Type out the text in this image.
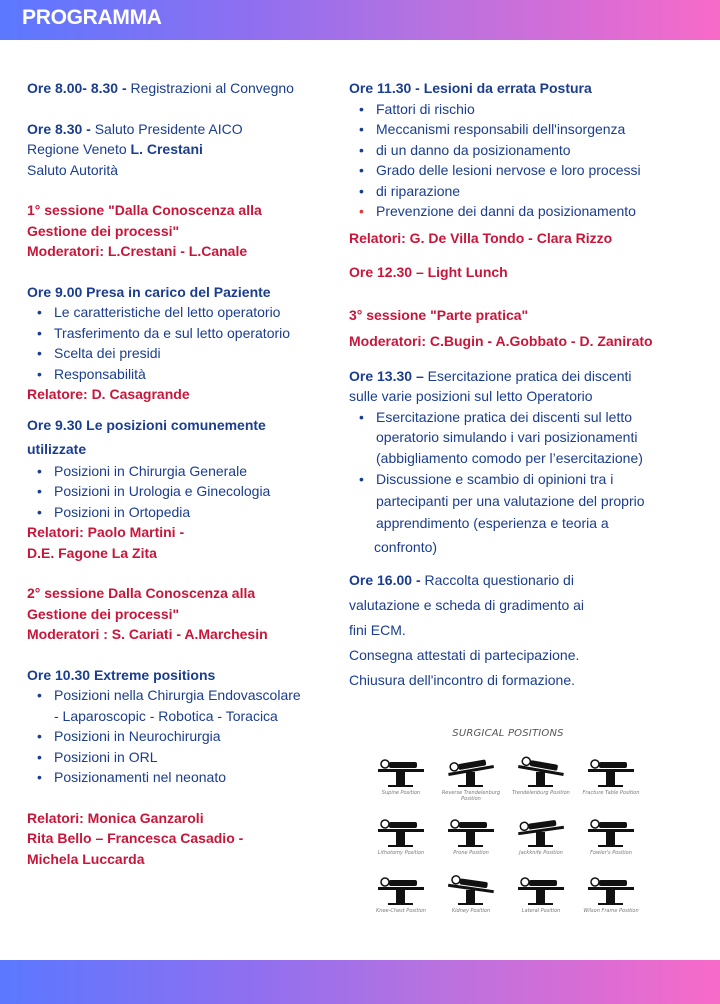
PROGRAMMA

Ore 8.00- 8.30 - Registrazioni al Convegno

Ore 8.30 - Saluto Presidente AICO

Regione Veneto L. Crestani

Saluto Autorità

1° sessione "Dalla Conoscenza alla

Gestione dei processi"

Moderatori: L.Crestani - L.Canale

Ore 9.00 Presa in carico del Paziente

• Le caratteristiche del letto operatorio
• Trasferimento da e sul letto operatorio
• Scelta dei presidi
• Responsabilità

Relatore: D. Casagrande

Ore 9.30 Le posizioni comunemente

utilizzate

• Posizioni in Chirurgia Generale
• Posizioni in Urologia e Ginecologia
• Posizioni in Ortopedia

Relatori: Paolo Martini -

D.E. Fagone La Zita

2° sessione Dalla Conoscenza alla

Gestione dei processi"

Moderatori : S. Cariati - A.Marchesin

Ore 10.30 Extreme positions

• Posizioni nella Chirurgia Endovascolare - Laparoscopic - Robotica - Toracica
• Posizioni in Neurochirurgia
• Posizioni in ORL
• Posizionamenti nel neonato

Relatori: Monica Ganzaroli

Rita Bello – Francesca Casadio -

Michela Luccarda

Ore 11.30 - Lesioni da errata Postura

• Fattori di rischio
• Meccanismi responsabili dell'insorgenza
• di un danno da posizionamento
• Grado delle lesioni nervose e loro processi
• di riparazione
• Prevenzione dei danni da posizionamento

Relatori: G. De Villa Tondo - Clara Rizzo

Ore 12.30 – Light Lunch

3° sessione "Parte pratica"

Moderatori: C.Bugin - A.Gobbato - D. Zanirato

Ore 13.30 – Esercitazione pratica dei discenti

sulle varie posizioni sul letto Operatorio

• Esercitazione pratica dei discenti sul letto operatorio simulando i vari posizionamenti (abbigliamento comodo per l’esercitazione)
• Discussione e scambio di opinioni tra i partecipanti per una valutazione del proprio apprendimento (esperienza e teoria a

confronto)

Ore 16.00 - Raccolta questionario di

valutazione e scheda di gradimento ai

fini ECM.

Consegna attestati di partecipazione.

Chiusura dell'incontro di formazione.

SURGICAL POSITIONS
Supine Position	Reverse Trendelenburg Position
Trendelenburg Position	Fracture Table Position
Lithotomy Position	Prone Position	Jackknife Position	Fowler's Position
Knee-Chest Position	Kidney Position	Lateral Position	Wilson Frame Position
